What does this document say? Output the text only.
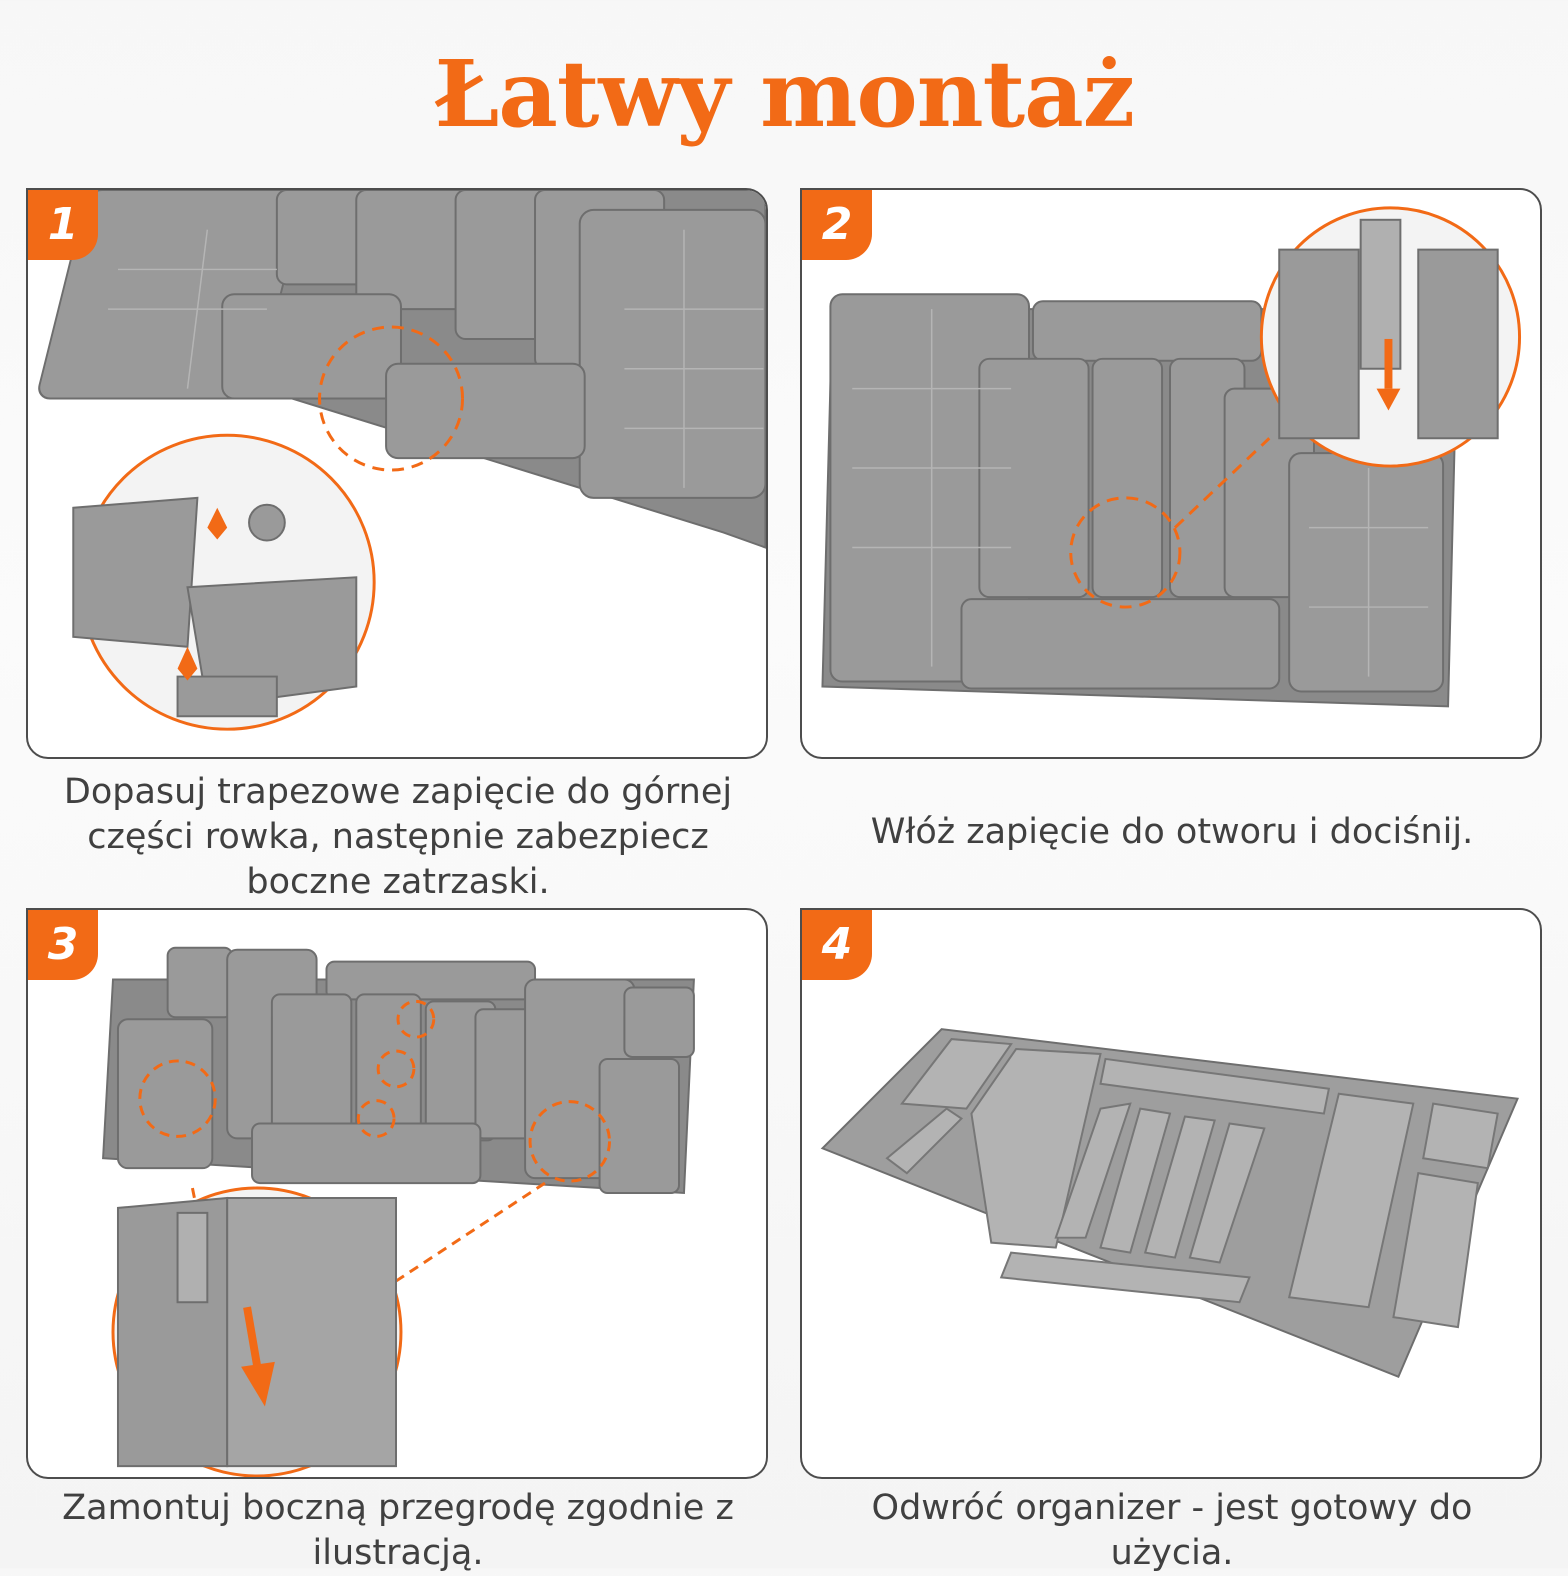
Łatwy montaż
1
Dopasuj trapezowe zapięcie do górnej części rowka, następnie zabezpiecz boczne zatrzaski.
2
Włóż zapięcie do otworu i dociśnij.
3
Zamontuj boczną przegrodę zgodnie z ilustracją.
4
Odwróć organizer - jest gotowy do użycia.
